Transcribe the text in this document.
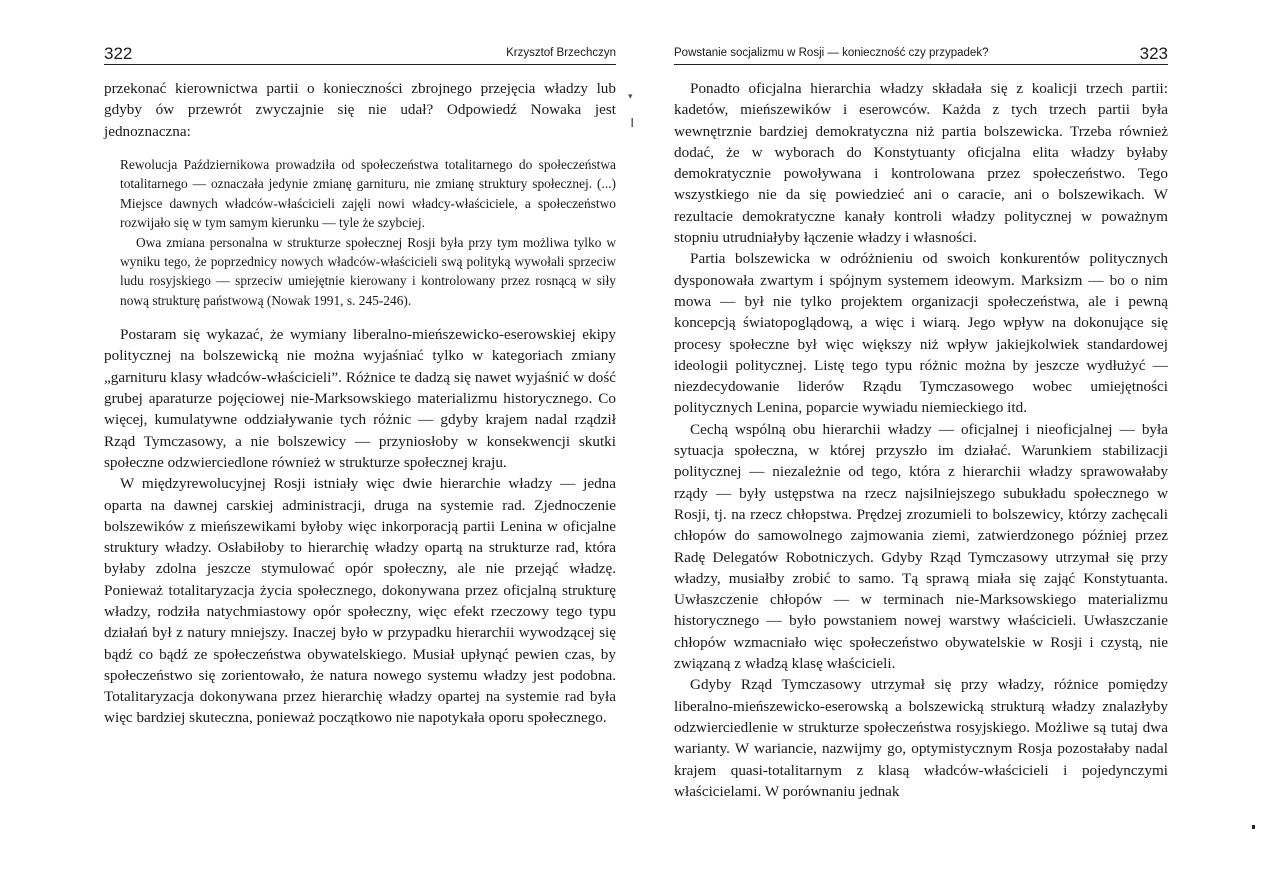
322	Krzysztof Brzechczyn

przekonać kierownictwa partii o konieczności zbrojnego przejęcia władzy lub gdyby ów przewrót zwyczajnie się nie udał? Odpowiedź Nowaka jest jednoznaczna:

Rewolucja Październikowa prowadziła od społeczeństwa totalitarnego do społeczeństwa totalitarnego — oznaczała jedynie zmianę garnituru, nie zmianę struktury społecznej. (...) Miejsce dawnych władców-właścicieli zajęli nowi władcy-właściciele, a społeczeństwo rozwijało się w tym samym kierunku — tyle że szybciej.

Owa zmiana personalna w strukturze społecznej Rosji była przy tym możliwa tylko w wyniku tego, że poprzednicy nowych władców-właścicieli swą polityką wywołali sprzeciw ludu rosyjskiego — sprzeciw umiejętnie kierowany i kontrolowany przez rosnącą w siły nową strukturę państwową (Nowak 1991, s. 245-246).

Postaram się wykazać, że wymiany liberalno-mieńszewicko-eserowskiej ekipy politycznej na bolszewicką nie można wyjaśniać tylko w kategoriach zmiany „garnituru klasy władców-właścicieli”. Różnice te dadzą się nawet wyjaśnić w dość grubej aparaturze pojęciowej nie-Marksowskiego materializmu historycznego. Co więcej, kumulatywne oddziaływanie tych różnic — gdyby krajem nadal rządził Rząd Tymczasowy, a nie bolszewicy — przyniosłoby w konsekwencji skutki społeczne odzwierciedlone również w strukturze społecznej kraju.

W międzyrewolucyjnej Rosji istniały więc dwie hierarchie władzy — jedna oparta na dawnej carskiej administracji, druga na systemie rad. Zjednoczenie bolszewików z mieńszewikami byłoby więc inkorporacją partii Lenina w oficjalne struktury władzy. Osłabiłoby to hierarchię władzy opartą na strukturze rad, która byłaby zdolna jeszcze stymulować opór społeczny, ale nie przejąć władzę. Ponieważ totalitaryzacja życia społecznego, dokonywana przez oficjalną strukturę władzy, rodziła natychmiastowy opór społeczny, więc efekt rzeczowy tego typu działań był z natury mniejszy. Inaczej było w przypadku hierarchii wywodzącej się bądź co bądź ze społeczeństwa obywatelskiego. Musiał upłynąć pewien czas, by społeczeństwo się zorientowało, że natura nowego systemu władzy jest podobna. Totalitaryzacja dokonywana przez hierarchię władzy opartej na systemie rad była więc bardziej skuteczna, ponieważ początkowo nie napotykała oporu społecznego.

▾
ı
Powstanie socjalizmu w Rosji — konieczność czy przypadek?	323

Ponadto oficjalna hierarchia władzy składała się z koalicji trzech partii: kadetów, mieńszewików i eserowców. Każda z tych trzech partii była wewnętrznie bardziej demokratyczna niż partia bolszewicka. Trzeba również dodać, że w wyborach do Konstytuanty oficjalna elita władzy byłaby demokratycznie powoływana i kontrolowana przez społeczeństwo. Tego wszystkiego nie da się powiedzieć ani o caracie, ani o bolszewikach. W rezultacie demokratyczne kanały kontroli władzy politycznej w poważnym stopniu utrudniałyby łączenie władzy i własności.

Partia bolszewicka w odróżnieniu od swoich konkurentów politycznych dysponowała zwartym i spójnym systemem ideowym. Marksizm — bo o nim mowa — był nie tylko projektem organizacji społeczeństwa, ale i pewną koncepcją światopoglądową, a więc i wiarą. Jego wpływ na dokonujące się procesy społeczne był więc większy niż wpływ jakiejkolwiek standardowej ideologii politycznej. Listę tego typu różnic można by jeszcze wydłużyć — niezdecydowanie liderów Rządu Tymczasowego wobec umiejętności politycznych Lenina, poparcie wywiadu niemieckiego itd.

Cechą wspólną obu hierarchii władzy — oficjalnej i nieoficjalnej — była sytuacja społeczna, w której przyszło im działać. Warunkiem stabilizacji politycznej — niezależnie od tego, która z hierarchii władzy sprawowałaby rządy — były ustępstwa na rzecz najsilniejszego subukładu społecznego w Rosji, tj. na rzecz chłopstwa. Prędzej zrozumieli to bolszewicy, którzy zachęcali chłopów do samowolnego zajmowania ziemi, zatwierdzonego później przez Radę Delegatów Robotniczych. Gdyby Rząd Tymczasowy utrzymał się przy władzy, musiałby zrobić to samo. Tą sprawą miała się zająć Konstytuanta. Uwłaszczenie chłopów — w terminach nie-Marksowskiego materializmu historycznego — było powstaniem nowej warstwy właścicieli. Uwłaszczanie chłopów wzmacniało więc społeczeństwo obywatelskie w Rosji i czystą, nie związaną z władzą klasę właścicieli.

Gdyby Rząd Tymczasowy utrzymał się przy władzy, różnice pomiędzy liberalno-mieńszewicko-eserowską a bolszewicką strukturą władzy znalazłyby odzwierciedlenie w strukturze społeczeństwa rosyjskiego. Możliwe są tutaj dwa warianty. W wariancie, nazwijmy go, optymistycznym Rosja pozostałaby nadal krajem quasi-totalitarnym z klasą władców-właścicieli i pojedynczymi właścicielami. W porównaniu jednak
